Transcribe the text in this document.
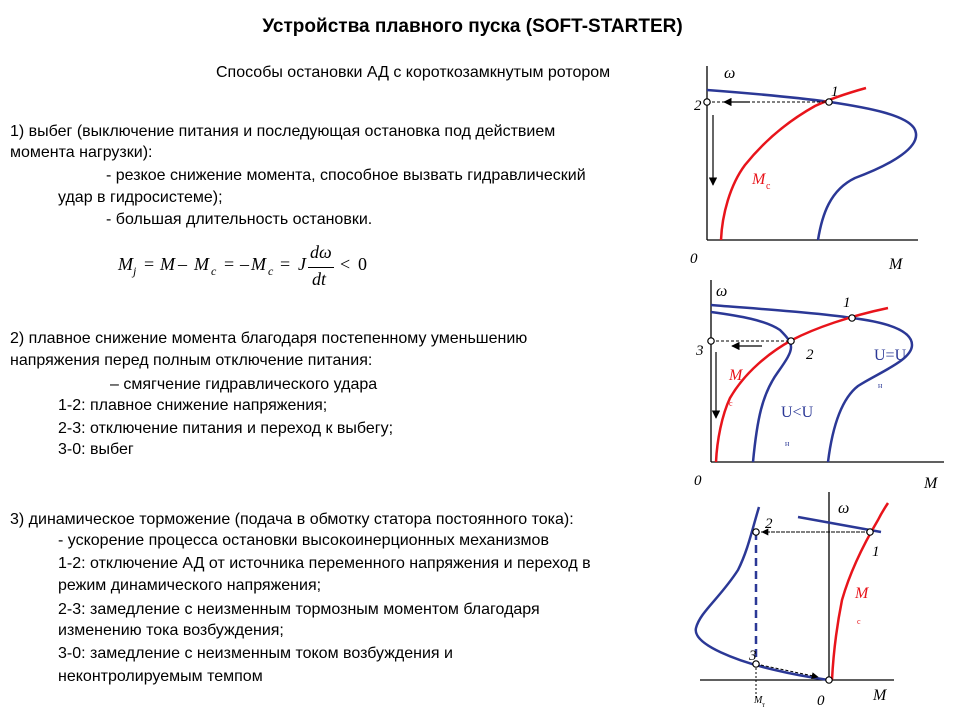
Устройства плавного пуска (SOFT-STARTER)
Способы остановки АД с короткозамкнутым ротором
1) выбег (выключение питания и последующая остановка под действием
момента нагрузки):
- резкое снижение момента, способное вызвать гидравлический
удар в гидросистеме);
- большая длительность остановки.
M j = M – M c = – M c = J
dω
dt
< 0
2) плавное снижение момента благодаря постепенному уменьшению
напряжения перед полным отключение питания:
– смягчение гидравлического удара
1-2: плавное снижение напряжения;
2-3: отключение питания и переход к выбегу;
3-0: выбег
3) динамическое торможение (подача в обмотку статора постоянного тока):
- ускорение процесса остановки высокоинерционных механизмов
1-2: отключение АД от источника переменного напряжения и переход в
режим динамического напряжения;
2-3: замедление с неизменным тормозным моментом благодаря
изменению тока возбуждения;
3-0: замедление с неизменным током возбуждения и
неконтролируемым темпом
ω
M
0
1
2
M c
ω
M
0
1
2
3
M
c
U=U
н
U<U
н
ω
M
0
1
2
3
M
c
M т
